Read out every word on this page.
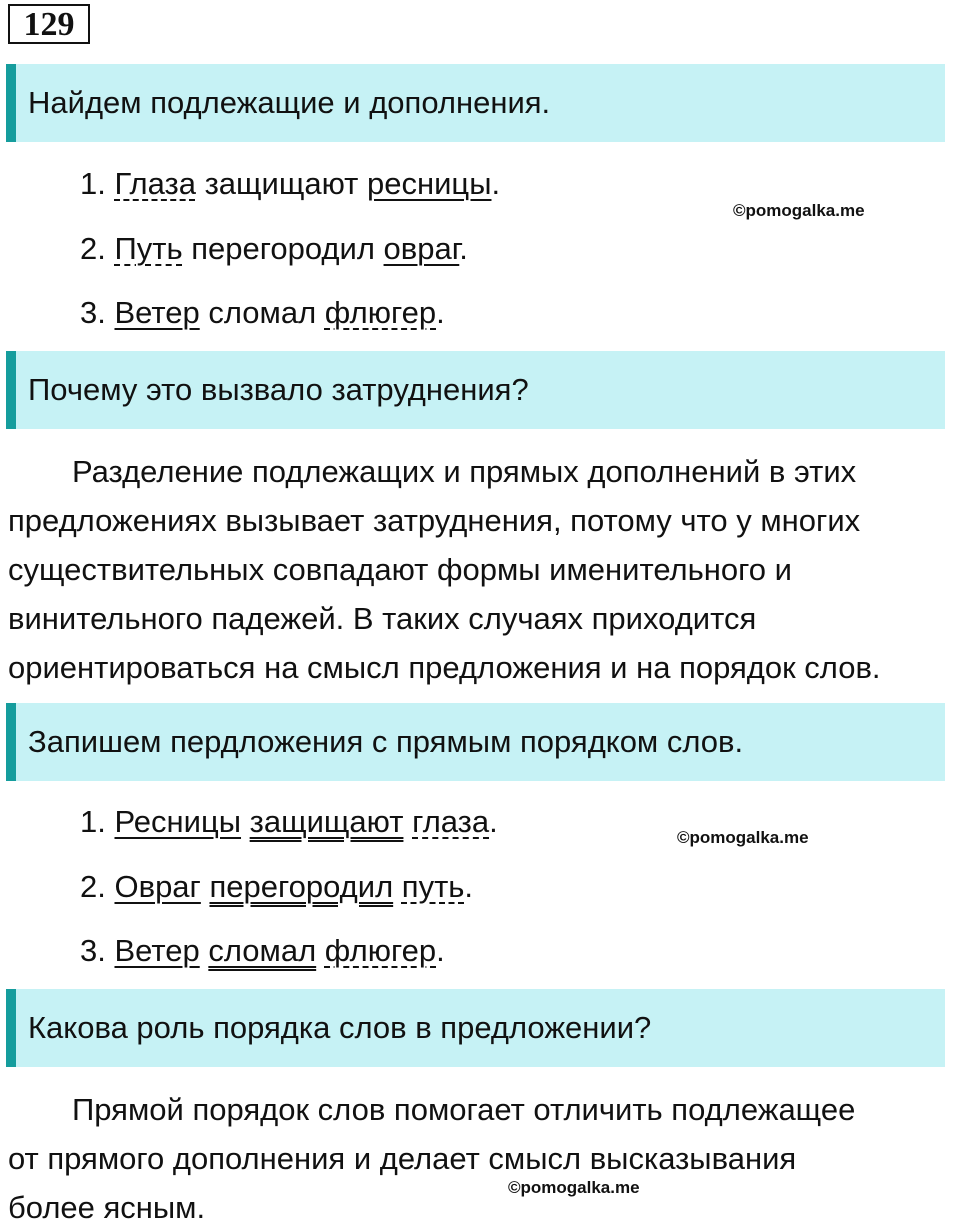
129
Найдем подлежащие и дополнения.
1. Глаза защищают ресницы.
©pomogalka.me
2. Путь перегородил овраг.
3. Ветер сломал флюгер.
Почему это вызвало затруднения?
Разделение подлежащих и прямых дополнений в этих
предложениях вызывает затруднения, потому что у многих
существительных совпадают формы именительного и
винительного падежей. В таких случаях приходится
ориентироваться на смысл предложения и на порядок слов.
Запишем пердложения с прямым порядком слов.
1. Ресницы защищают глаза.	©pomogalka.me
2. Овраг перегородил путь.
3. Ветер сломал флюгер.
Какова роль порядка слов в предложении?
Прямой порядок слов помогает отличить подлежащее
от прямого дополнения и делает смысл высказывания
более ясным.
©pomogalka.me
